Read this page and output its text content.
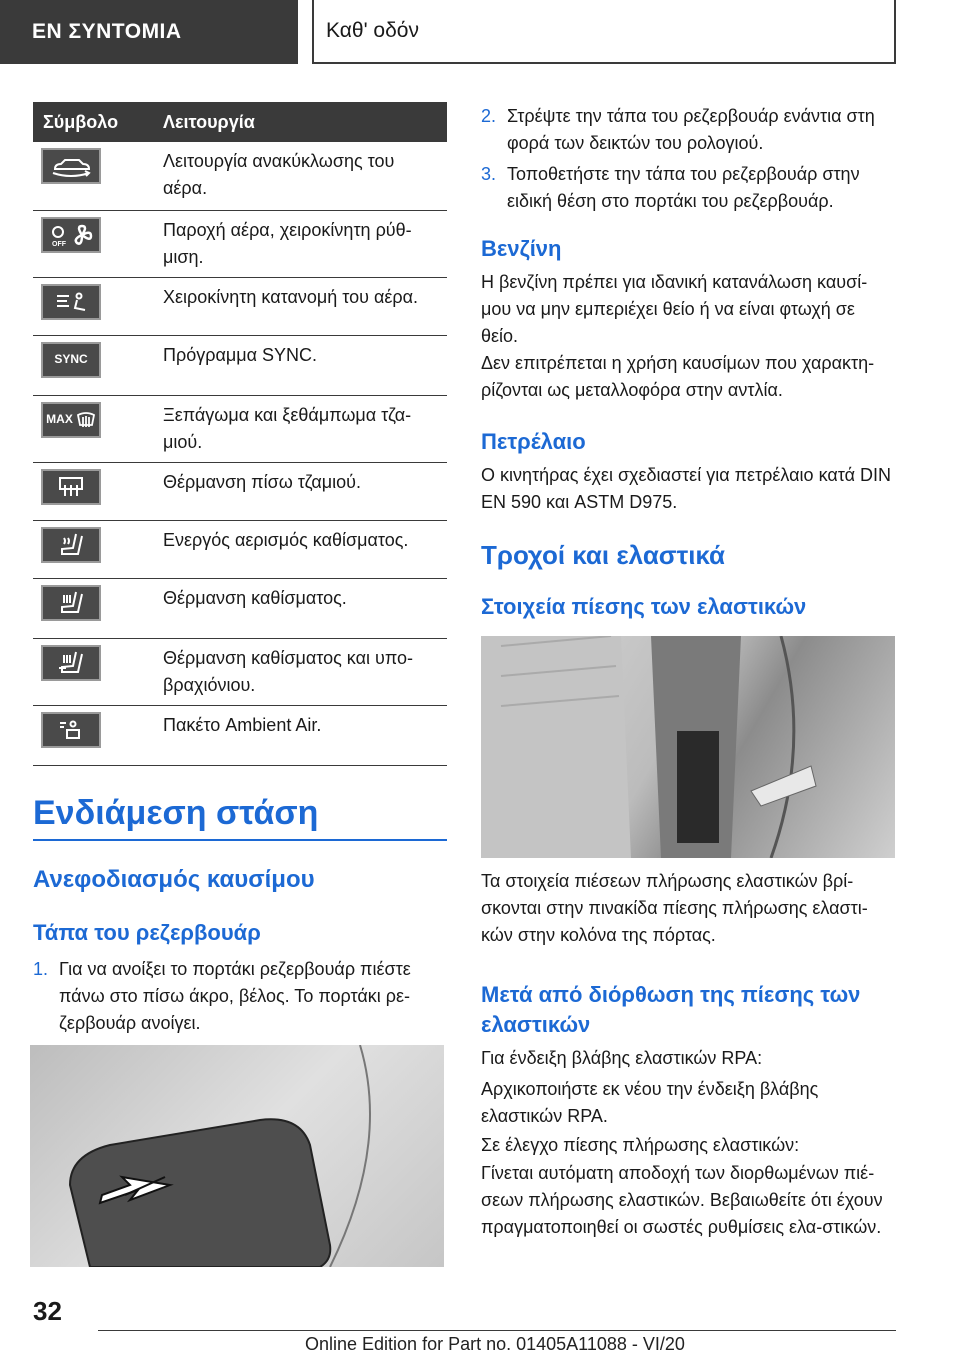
ΕΝ ΣΥΝΤΟΜΙΑ	Καθ' οδόν
Σύμβολο	Λειτουργία

	Λειτουργία ανακύκλωσης του αέρα.

OFF	Παροχή αέρα, χειροκίνητη ρύθ-μιση.

	Χειροκίνητη κατανομή του αέρα.

SYNC	Πρόγραμμα SYNC.

MAX	Ξεπάγωμα και ξεθάμπωμα τζα-μιού.

	Θέρμανση πίσω τζαμιού.

	Ενεργός αερισμός καθίσματος.

	Θέρμανση καθίσματος.

	Θέρμανση καθίσματος και υπο-βραχιόνιου.

	Πακέτο Ambient Air.
Ενδιάμεση στάση
Ανεφοδιασμός καυσίμου
Τάπα του ρεζερβουάρ
1. Για να ανοίξει το πορτάκι ρεζερβουάρ πιέστε πάνω στο πίσω άκρο, βέλος. Το πορτάκι ρε-ζερβουάρ ανοίγει.
2. Στρέψτε την τάπα του ρεζερβουάρ ενάντια στη φορά των δεικτών του ρολογιού.
3. Τοποθετήστε την τάπα του ρεζερβουάρ στην ειδική θέση στο πορτάκι του ρεζερβουάρ.
Βενζίνη

Η βενζίνη πρέπει για ιδανική κατανάλωση καυσί-μου να μην εμπεριέχει θείο ή να είναι φτωχή σε θείο.

Δεν επιτρέπεται η χρήση καυσίμων που χαρακτη-ρίζονται ως μεταλλοφόρα στην αντλία.

Πετρέλαιο

Ο κινητήρας έχει σχεδιαστεί για πετρέλαιο κατά DIN EN 590 και ASTM D975.

Τροχοί και ελαστικά
Στοιχεία πίεσης των ελαστικών

Τα στοιχεία πιέσεων πλήρωσης ελαστικών βρί-σκονται στην πινακίδα πίεσης πλήρωσης ελαστι-κών στην κολόνα της πόρτας.

Μετά από διόρθωση της πίεσης των ελαστικών

Για ένδειξη βλάβης ελαστικών RPA:

Αρχικοποιήστε εκ νέου την ένδειξη βλάβης ελαστικών RPA.

Σε έλεγχο πίεσης πλήρωσης ελαστικών:

Γίνεται αυτόματη αποδοχή των διορθωμένων πιέ-σεων πλήρωσης ελαστικών. Βεβαιωθείτε ότι έχουν πραγματοποιηθεί οι σωστές ρυθμίσεις ελα-στικών.

32
Online Edition for Part no. 01405A11088 - VI/20
